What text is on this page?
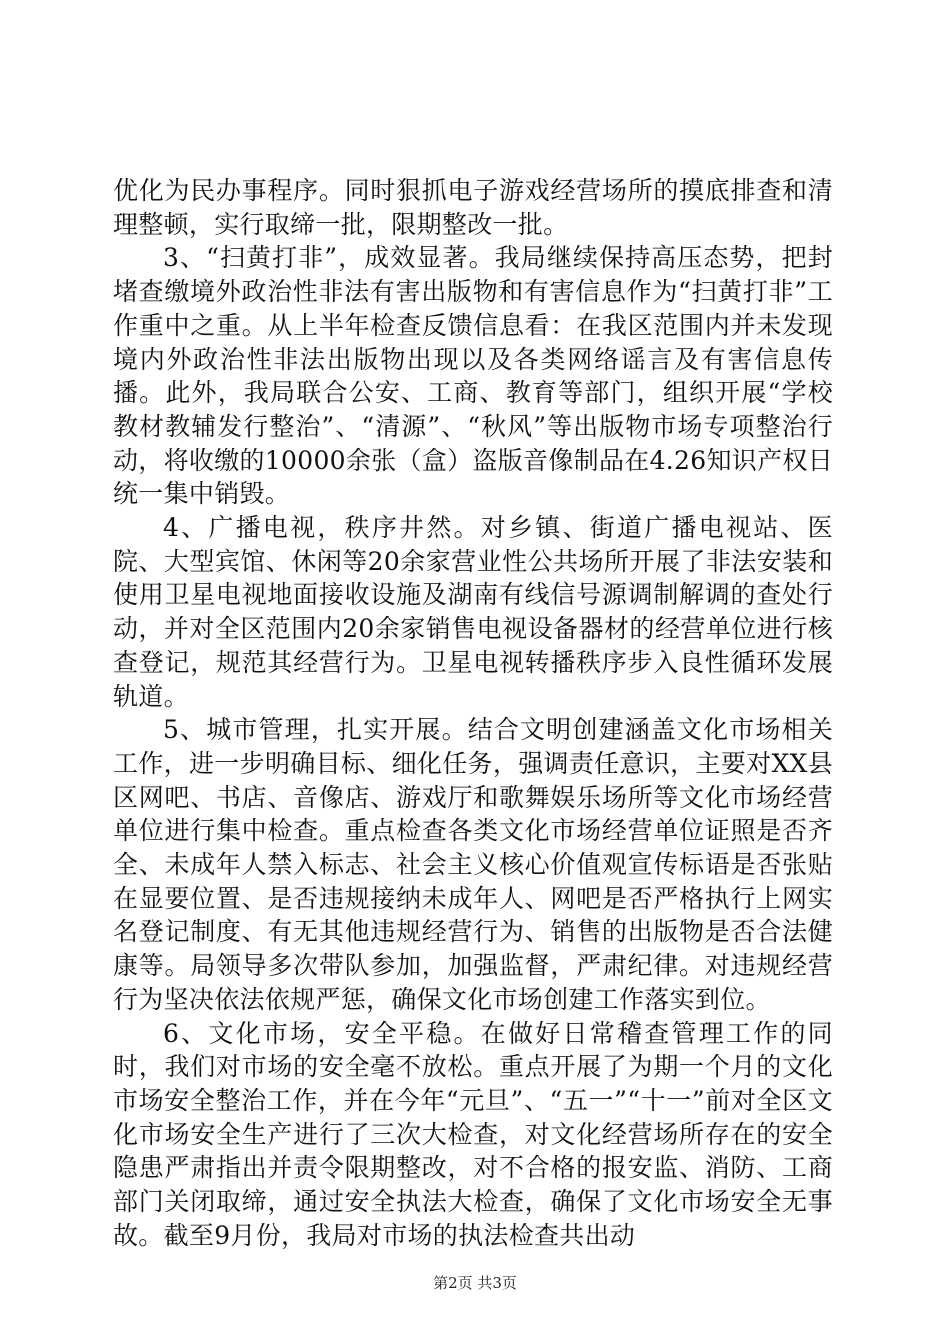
优化为民办事程序。同时狠抓电子游戏经营场所的摸底排查和清理整顿，实行取缔一批，限期整改一批。

3、“扫黄打非”，成效显著。我局继续保持高压态势，把封堵查缴境外政治性非法有害出版物和有害信息作为“扫黄打非”工作重中之重。从上半年检查反馈信息看：在我区范围内并未发现境内外政治性非法出版物出现以及各类网络谣言及有害信息传播。此外，我局联合公安、工商、教育等部门，组织开展“学校教材教辅发行整治”、“清源”、“秋风”等出版物市场专项整治行动，将收缴的10000余张（盒）盗版音像制品在4.26知识产权日统一集中销毁。

4、广播电视，秩序井然。对乡镇、街道广播电视站、医院、大型宾馆、休闲等20余家营业性公共场所开展了非法安装和使用卫星电视地面接收设施及湖南有线信号源调制解调的查处行动，并对全区范围内20余家销售电视设备器材的经营单位进行核查登记，规范其经营行为。卫星电视转播秩序步入良性循环发展轨道。

5、城市管理，扎实开展。结合文明创建涵盖文化市场相关工作，进一步明确目标、细化任务，强调责任意识，主要对XX县区网吧、书店、音像店、游戏厅和歌舞娱乐场所等文化市场经营单位进行集中检查。重点检查各类文化市场经营单位证照是否齐全、未成年人禁入标志、社会主义核心价值观宣传标语是否张贴在显要位置、是否违规接纳未成年人、网吧是否严格执行上网实名登记制度、有无其他违规经营行为、销售的出版物是否合法健康等。局领导多次带队参加，加强监督，严肃纪律。对违规经营行为坚决依法依规严惩，确保文化市场创建工作落实到位。

6、文化市场，安全平稳。在做好日常稽查管理工作的同时，我们对市场的安全毫不放松。重点开展了为期一个月的文化市场安全整治工作，并在今年“元旦”、“五一”“十一”前对全区文化市场安全生产进行了三次大检查，对文化经营场所存在的安全隐患严肃指出并责令限期整改，对不合格的报安监、消防、工商部门关闭取缔，通过安全执法大检查，确保了文化市场安全无事故。截至9月份，我局对市场的执法检查共出动

第2页 共3页
